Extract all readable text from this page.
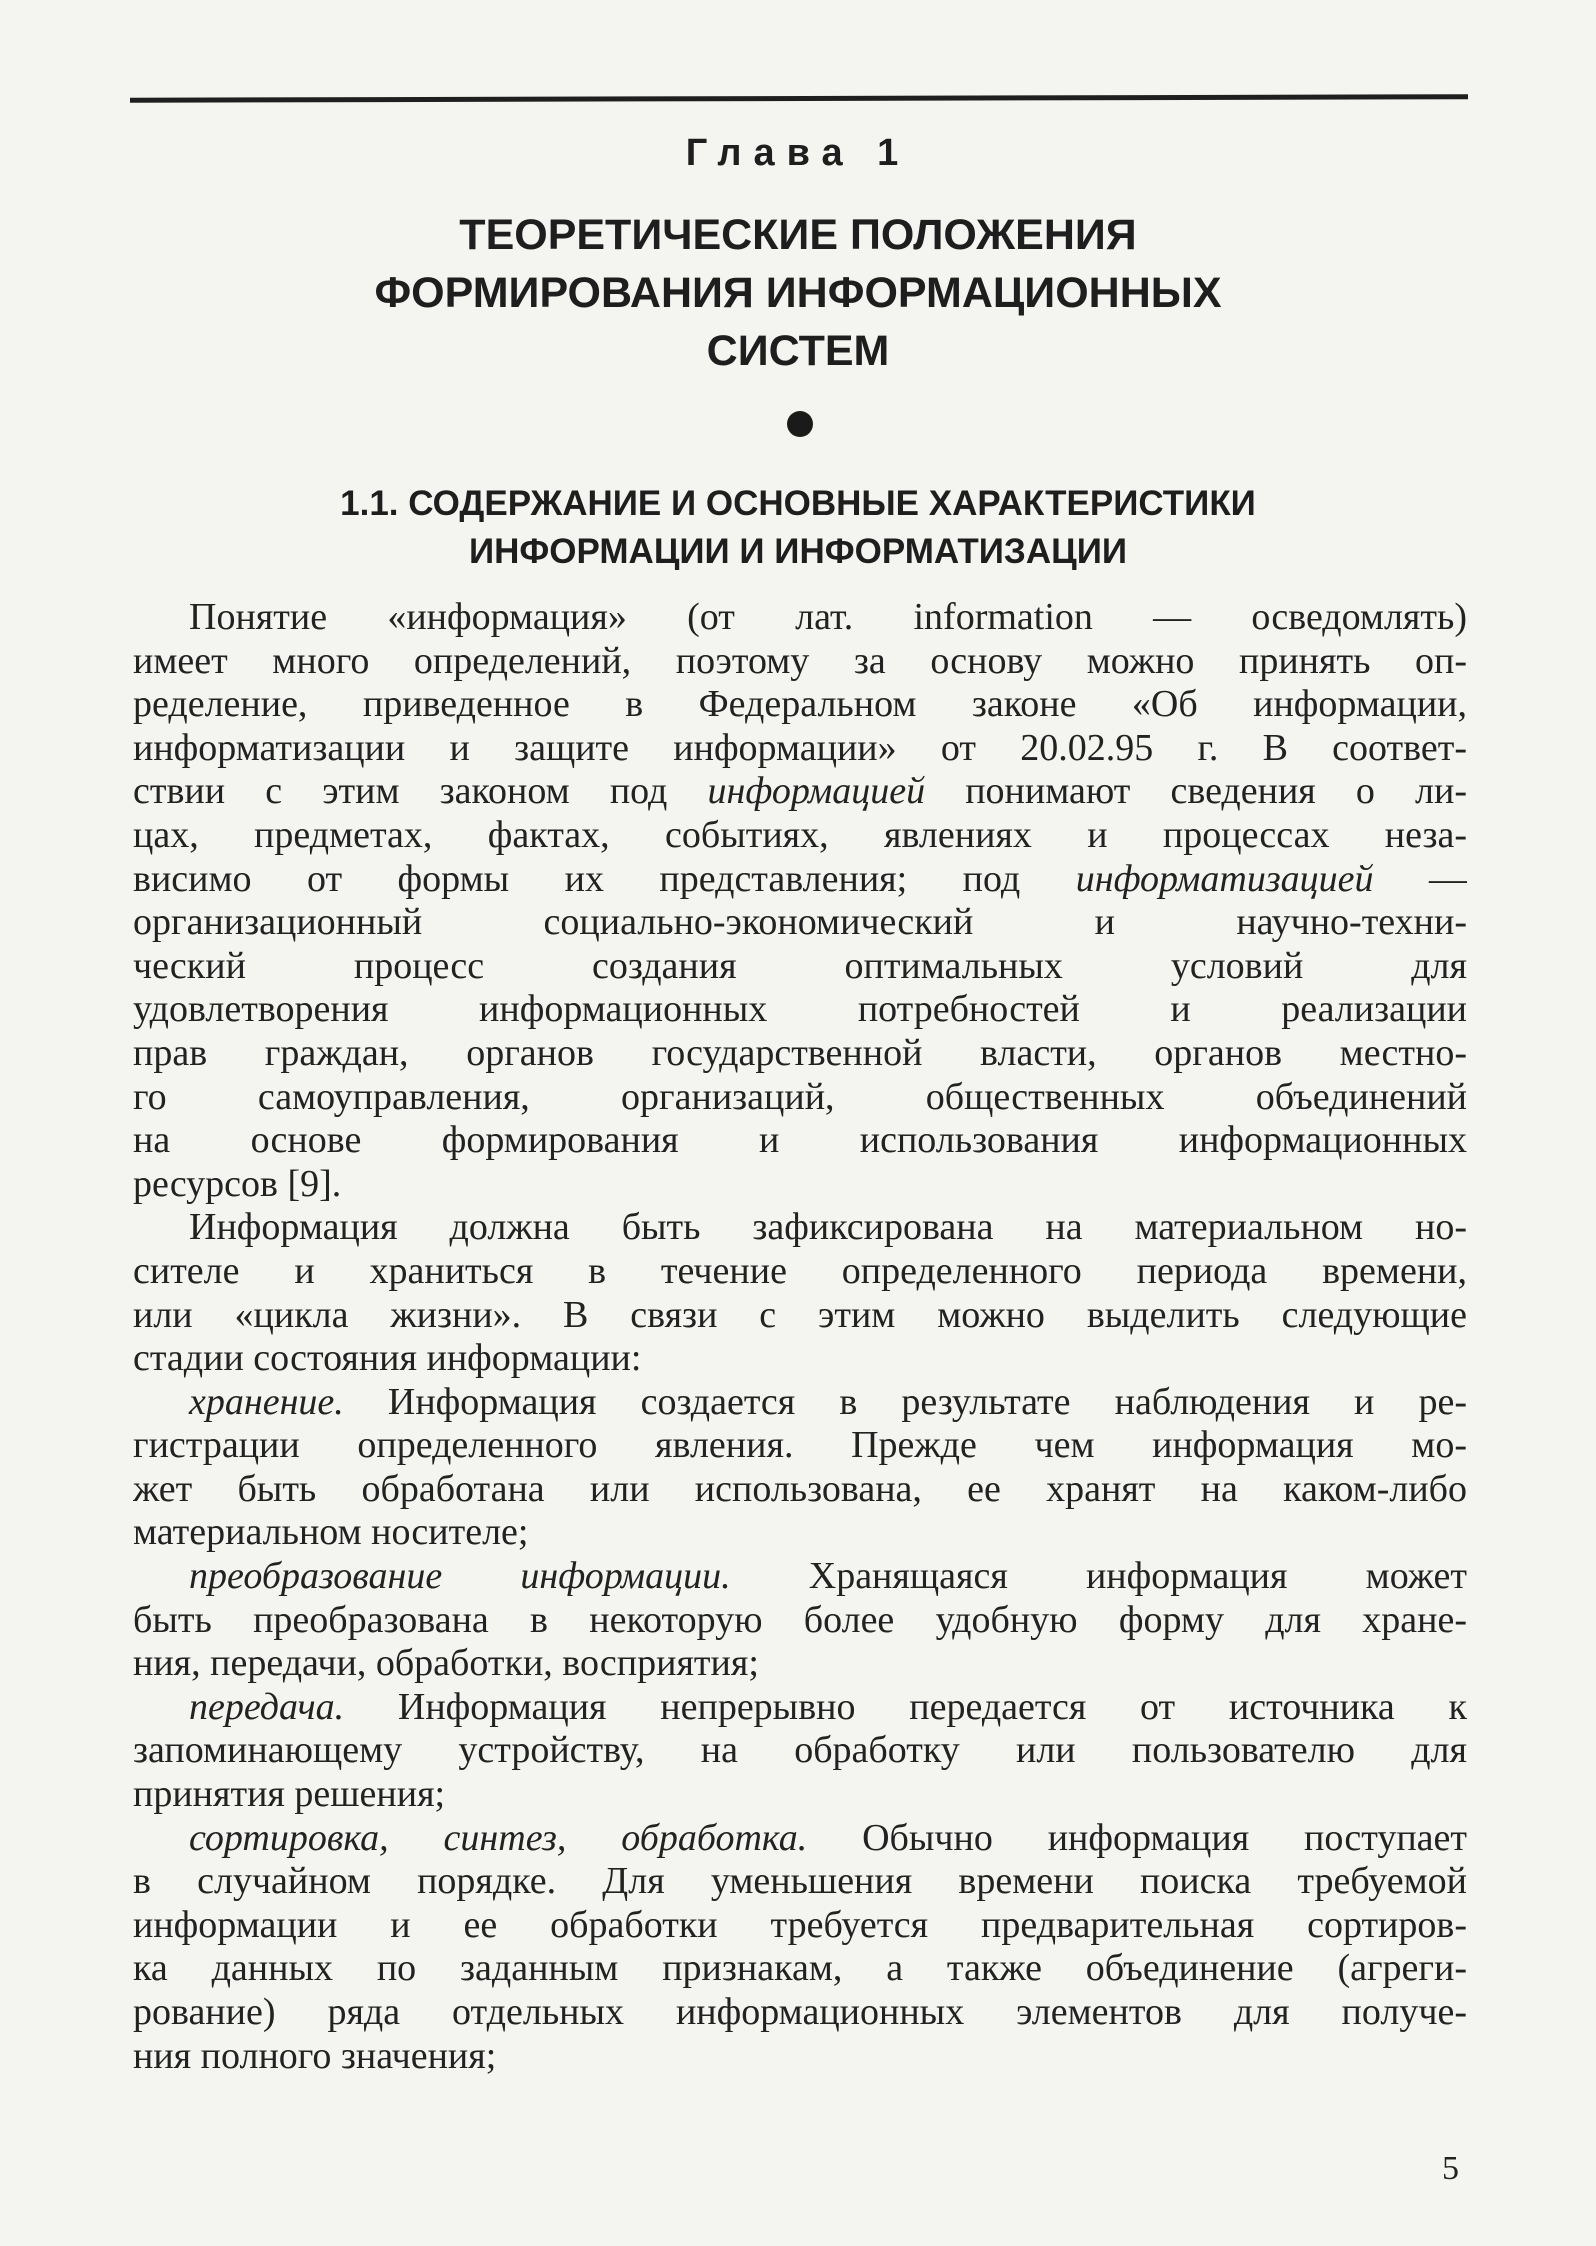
Глава 1
ТЕОРЕТИЧЕСКИЕ ПОЛОЖЕНИЯ
ФОРМИРОВАНИЯ ИНФОРМАЦИОННЫХ
СИСТЕМ
1.1. СОДЕРЖАНИЕ И ОСНОВНЫЕ ХАРАКТЕРИСТИКИ
ИНФОРМАЦИИ И ИНФОРМАТИЗАЦИИ
Понятие «информация» (от лат. information — осведомлять)
имеет много определений, поэтому за основу можно принять оп-
ределение, приведенное в Федеральном законе «Об информации,
информатизации и защите информации» от 20.02.95 г. В соответ-
ствии с этим законом под информацией понимают сведения о ли-
цах, предметах, фактах, событиях, явлениях и процессах неза-
висимо от формы их представления; под информатизацией —
организационный социально-экономический и научно-техни-
ческий процесс создания оптимальных условий для
удовлетворения информационных потребностей и реализации
прав граждан, органов государственной власти, органов местно-
го самоуправления, организаций, общественных объединений
на основе формирования и использования информационных
ресурсов [9].
Информация должна быть зафиксирована на материальном но-
сителе и храниться в течение определенного периода времени,
или «цикла жизни». В связи с этим можно выделить следующие
стадии состояния информации:
хранение. Информация создается в результате наблюдения и ре-
гистрации определенного явления. Прежде чем информация мо-
жет быть обработана или использована, ее хранят на каком-либо
материальном носителе;
преобразование информации. Хранящаяся информация может
быть преобразована в некоторую более удобную форму для хране-
ния, передачи, обработки, восприятия;
передача. Информация непрерывно передается от источника к
запоминающему устройству, на обработку или пользователю для
принятия решения;
сортировка, синтез, обработка. Обычно информация поступает
в случайном порядке. Для уменьшения времени поиска требуемой
информации и ее обработки требуется предварительная сортиров-
ка данных по заданным признакам, а также объединение (агреги-
рование) ряда отдельных информационных элементов для получе-
ния полного значения;
5
